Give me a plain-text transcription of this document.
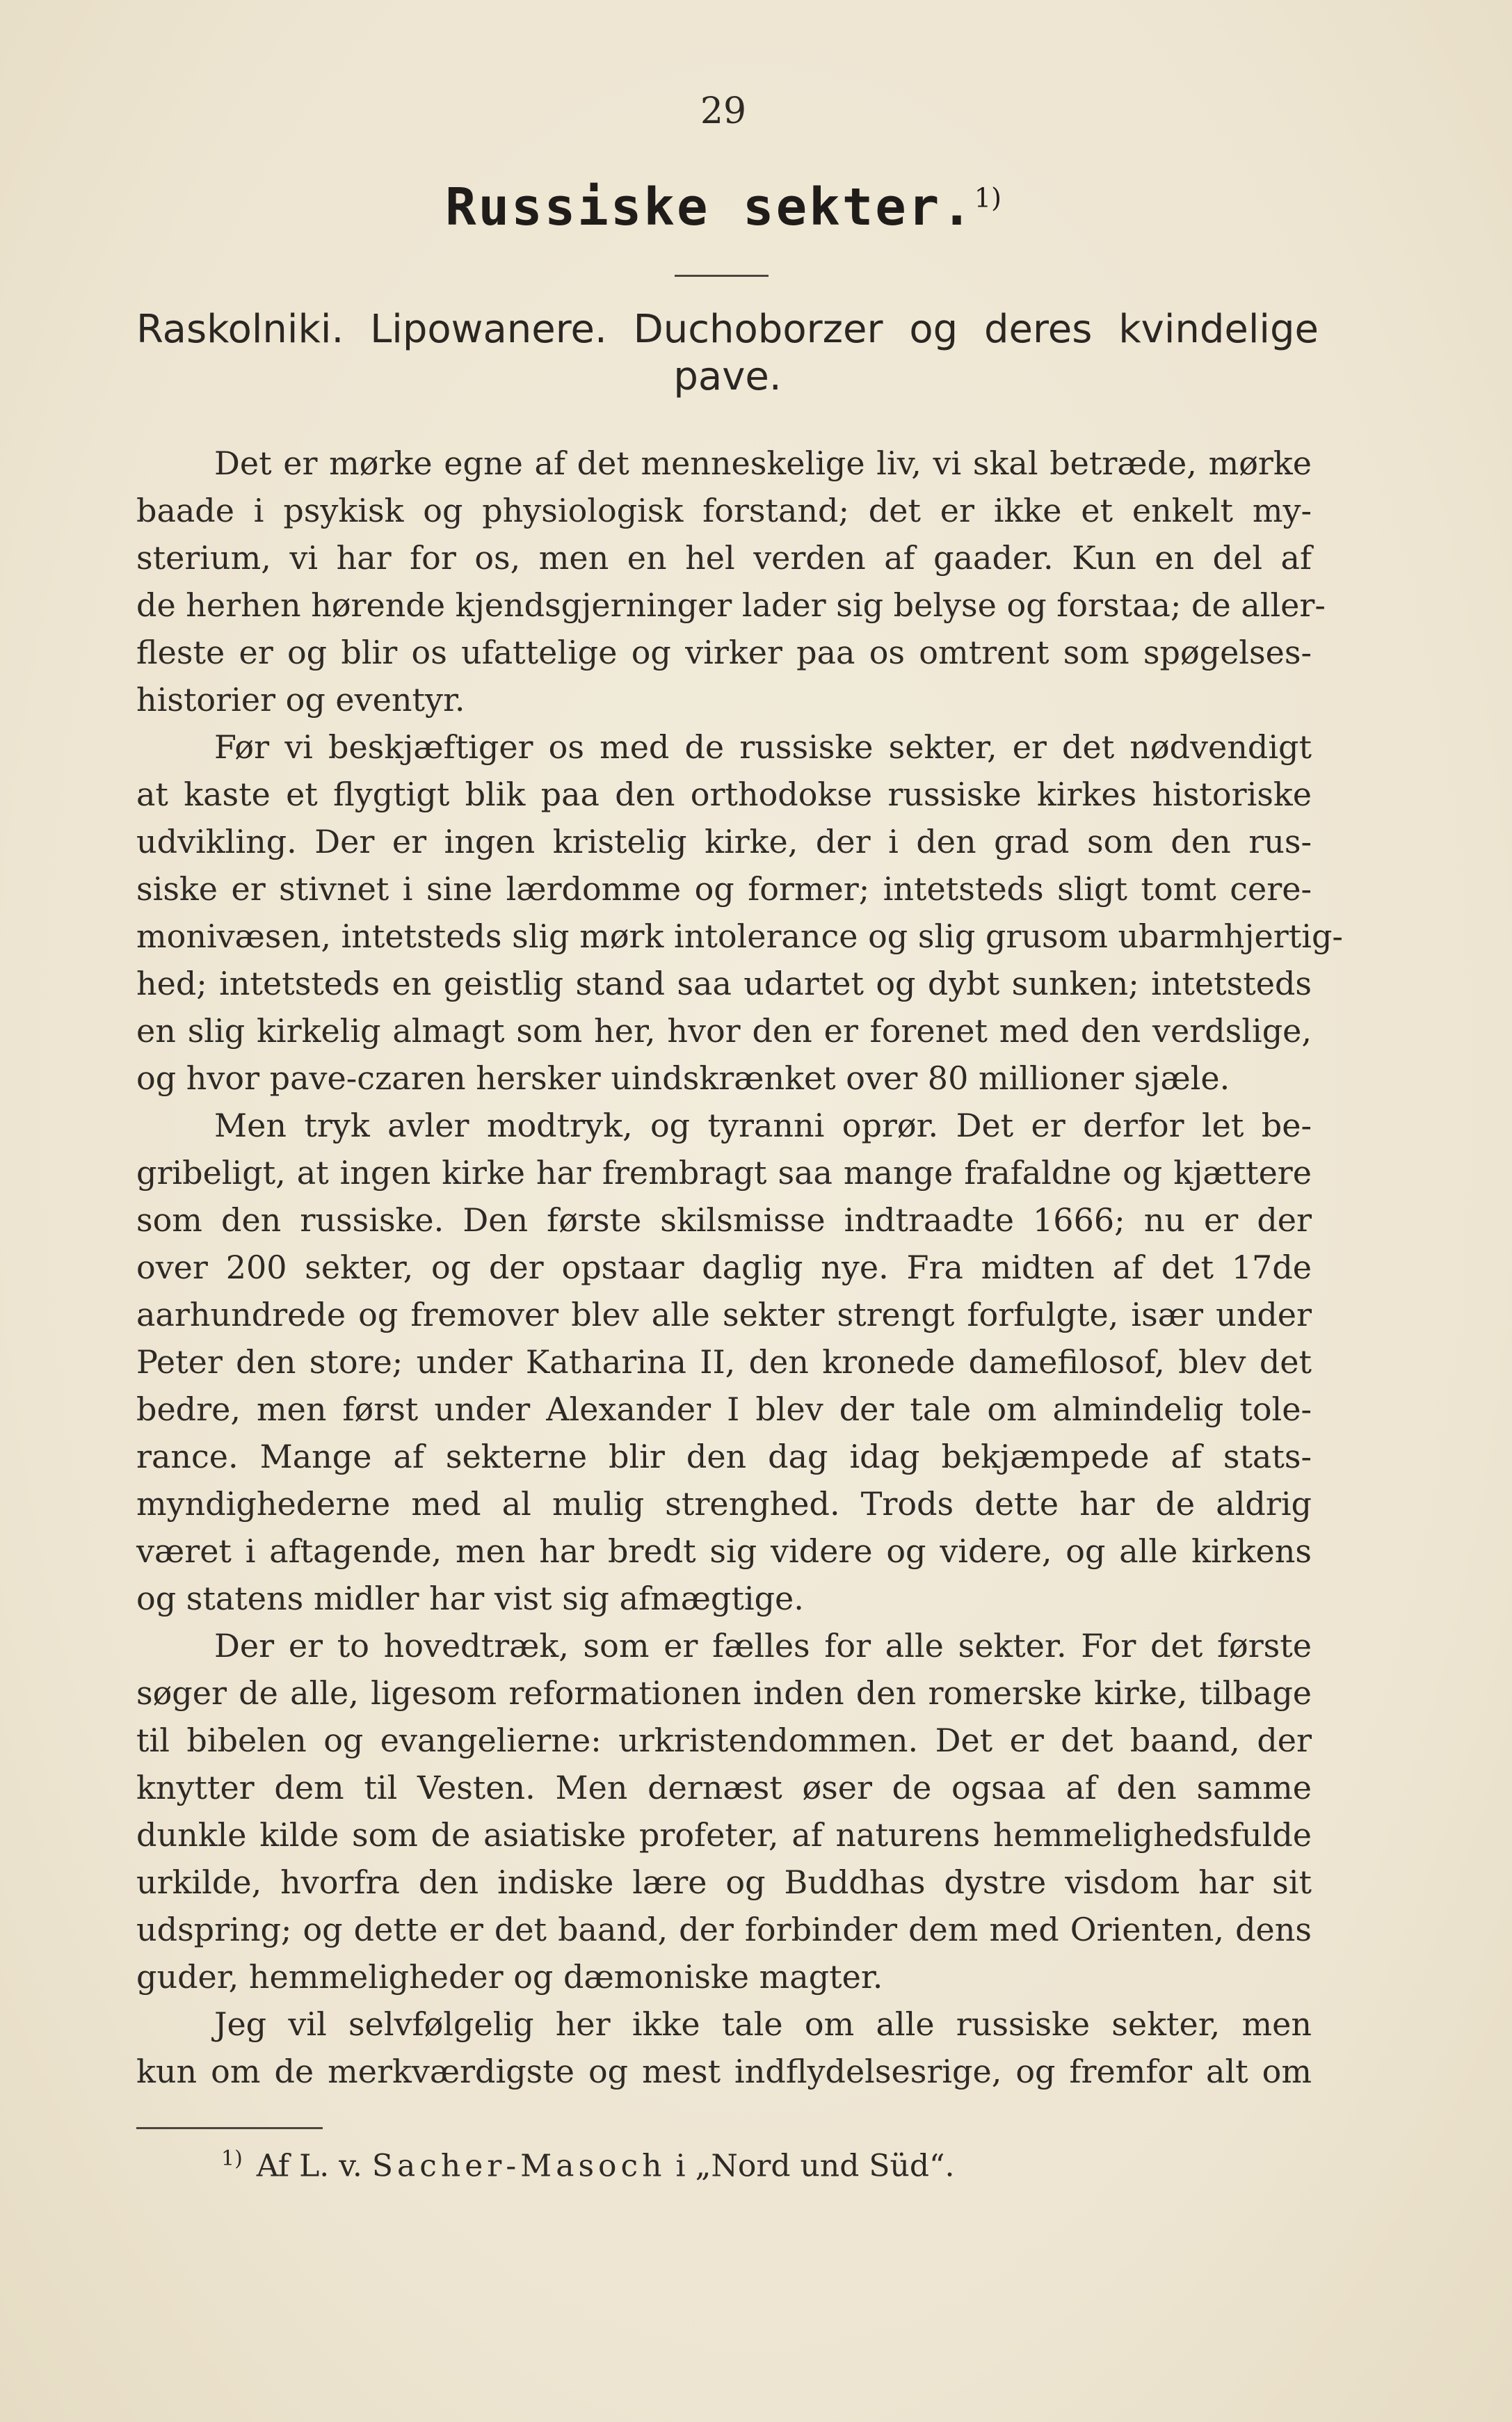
29
Russiske sekter.$^{1)}$
Raskolniki. Lipowanere. Duchoborzer og deres kvindelige
pave.
Det er mørke egne af det menneskelige liv, vi skal betræde, mørke
baade i psykisk og physiologisk forstand; det er ikke et enkelt my-
sterium, vi har for os, men en hel verden af gaader. Kun en del af
de herhen hørende kjendsgjerninger lader sig belyse og forstaa; de aller-
fleste er og blir os ufattelige og virker paa os omtrent som spøgelses-
historier og eventyr.
Før vi beskjæftiger os med de russiske sekter, er det nødvendigt
at kaste et flygtigt blik paa den orthodokse russiske kirkes historiske
udvikling. Der er ingen kristelig kirke, der i den grad som den rus-
siske er stivnet i sine lærdomme og former; intetsteds sligt tomt cere-
monivæsen, intetsteds slig mørk intolerance og slig grusom ubarmhjertig-
hed; intetsteds en geistlig stand saa udartet og dybt sunken; intetsteds
en slig kirkelig almagt som her, hvor den er forenet med den verdslige,
og hvor pave-czaren hersker uindskrænket over 80 millioner sjæle.
Men tryk avler modtryk, og tyranni oprør. Det er derfor let be-
gribeligt, at ingen kirke har frembragt saa mange frafaldne og kjættere
som den russiske. Den første skilsmisse indtraadte 1666; nu er der
over 200 sekter, og der opstaar daglig nye. Fra midten af det 17de
aarhundrede og fremover blev alle sekter strengt forfulgte, især under
Peter den store; under Katharina II, den kronede damefilosof, blev det
bedre, men først under Alexander I blev der tale om almindelig tole-
rance. Mange af sekterne blir den dag idag bekjæmpede af stats-
myndighederne med al mulig strenghed. Trods dette har de aldrig
været i aftagende, men har bredt sig videre og videre, og alle kirkens
og statens midler har vist sig afmægtige.
Der er to hovedtræk, som er fælles for alle sekter. For det første
søger de alle, ligesom reformationen inden den romerske kirke, tilbage
til bibelen og evangelierne: urkristendommen. Det er det baand, der
knytter dem til Vesten. Men dernæst øser de ogsaa af den samme
dunkle kilde som de asiatiske profeter, af naturens hemmelighedsfulde
urkilde, hvorfra den indiske lære og Buddhas dystre visdom har sit
udspring; og dette er det baand, der forbinder dem med Orienten, dens
guder, hemmeligheder og dæmoniske magter.
Jeg vil selvfølgelig her ikke tale om alle russiske sekter, men
kun om de merkværdigste og mest indflydelsesrige, og fremfor alt om
$^{1)}$ Af L. v. Sacher-Masoch i „Nord und Süd“.
